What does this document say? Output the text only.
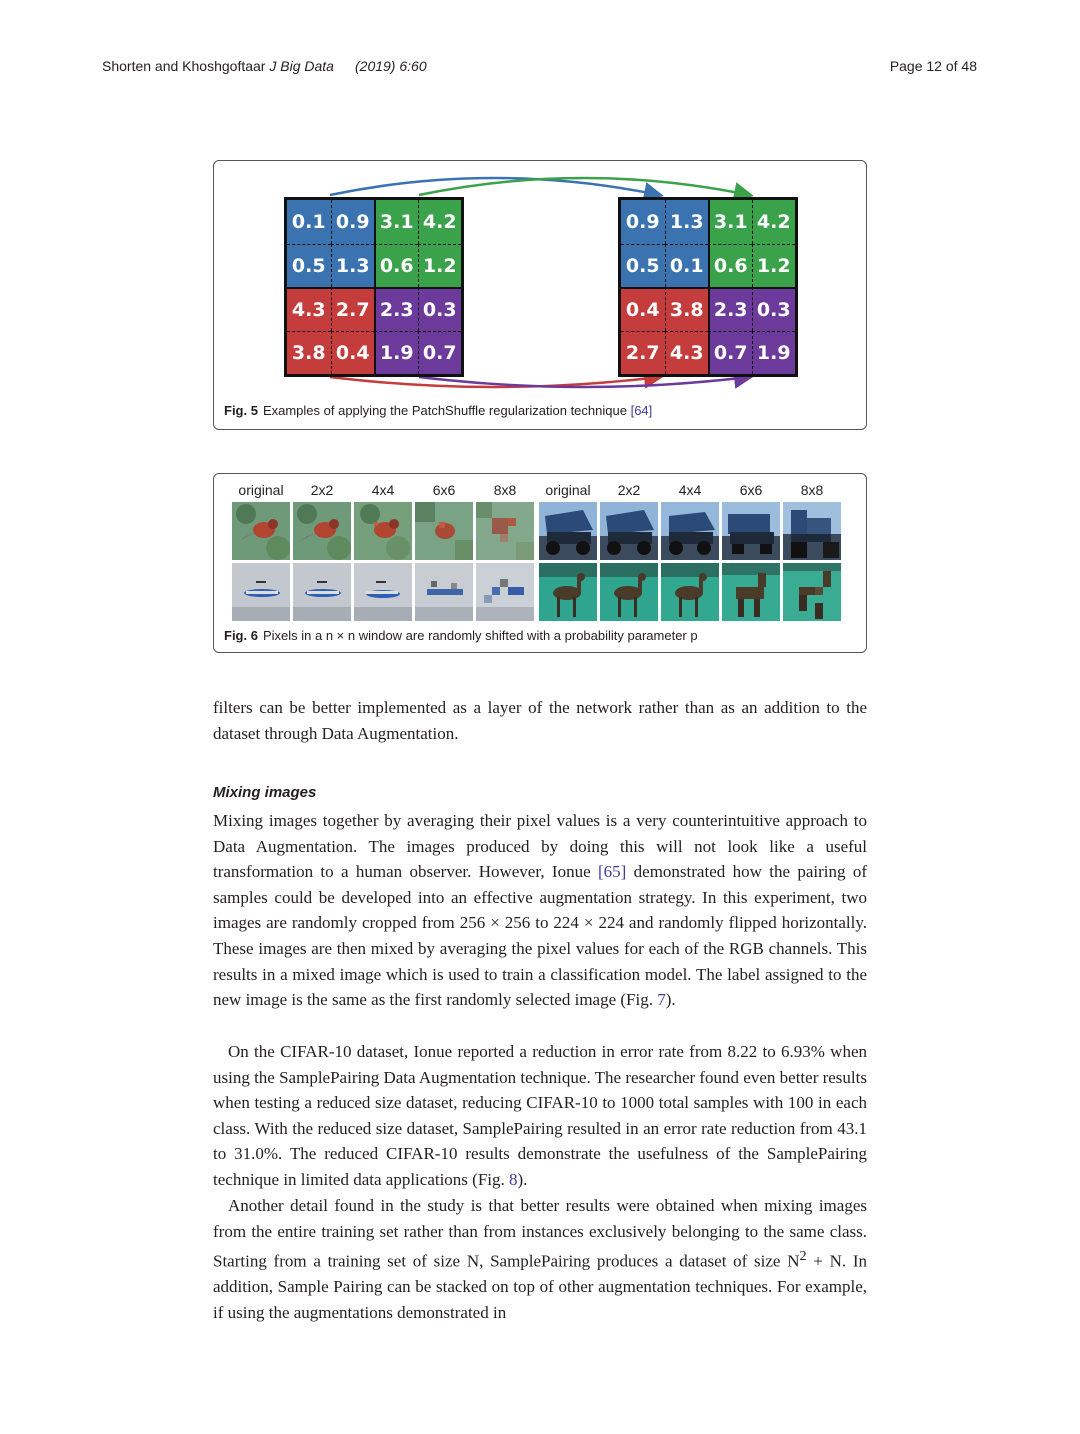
Shorten and Khoshgoftaar J Big Data (2019) 6:60	Page 12 of 48
0.1 0.9 3.1 4.2
0.5 1.3 0.6 1.2
4.3 2.7 2.3 0.3
3.8 0.4 1.9 0.7
0.9 1.3 3.1 4.2
0.5 0.1 0.6 1.2
0.4 3.8 2.3 0.3
2.7 4.3 0.7 1.9
Fig. 5 Examples of applying the PatchShuffle regularization technique [64]
original	2x2	4x4	6x6	8x8	original	2x2	4x4	6x6	8x8
Fig. 6 Pixels in a n × n window are randomly shifted with a probability parameter p
filters can be better implemented as a layer of the network rather than as an addition to the dataset through Data Augmentation.
Mixing images
Mixing images together by averaging their pixel values is a very counterintuitive approach to Data Augmentation. The images produced by doing this will not look like a useful transformation to a human observer. However, Ionue [65] demonstrated how the pairing of samples could be developed into an effective augmentation strategy. In this experiment, two images are randomly cropped from 256 × 256 to 224 × 224 and randomly flipped horizontally. These images are then mixed by averaging the pixel values for each of the RGB channels. This results in a mixed image which is used to train a classification model. The label assigned to the new image is the same as the first randomly selected image (Fig. 7).
On the CIFAR-10 dataset, Ionue reported a reduction in error rate from 8.22 to 6.93% when using the SamplePairing Data Augmentation technique. The researcher found even better results when testing a reduced size dataset, reducing CIFAR-10 to 1000 total samples with 100 in each class. With the reduced size dataset, SamplePairing resulted in an error rate reduction from 43.1 to 31.0%. The reduced CIFAR-10 results demonstrate the usefulness of the SamplePairing technique in limited data applications (Fig. 8).
Another detail found in the study is that better results were obtained when mixing images from the entire training set rather than from instances exclusively belonging to the same class. Starting from a training set of size N, SamplePairing produces a dataset of size $N^2 + N$. In addition, Sample Pairing can be stacked on top of other augmentation techniques. For example, if using the augmentations demonstrated in
